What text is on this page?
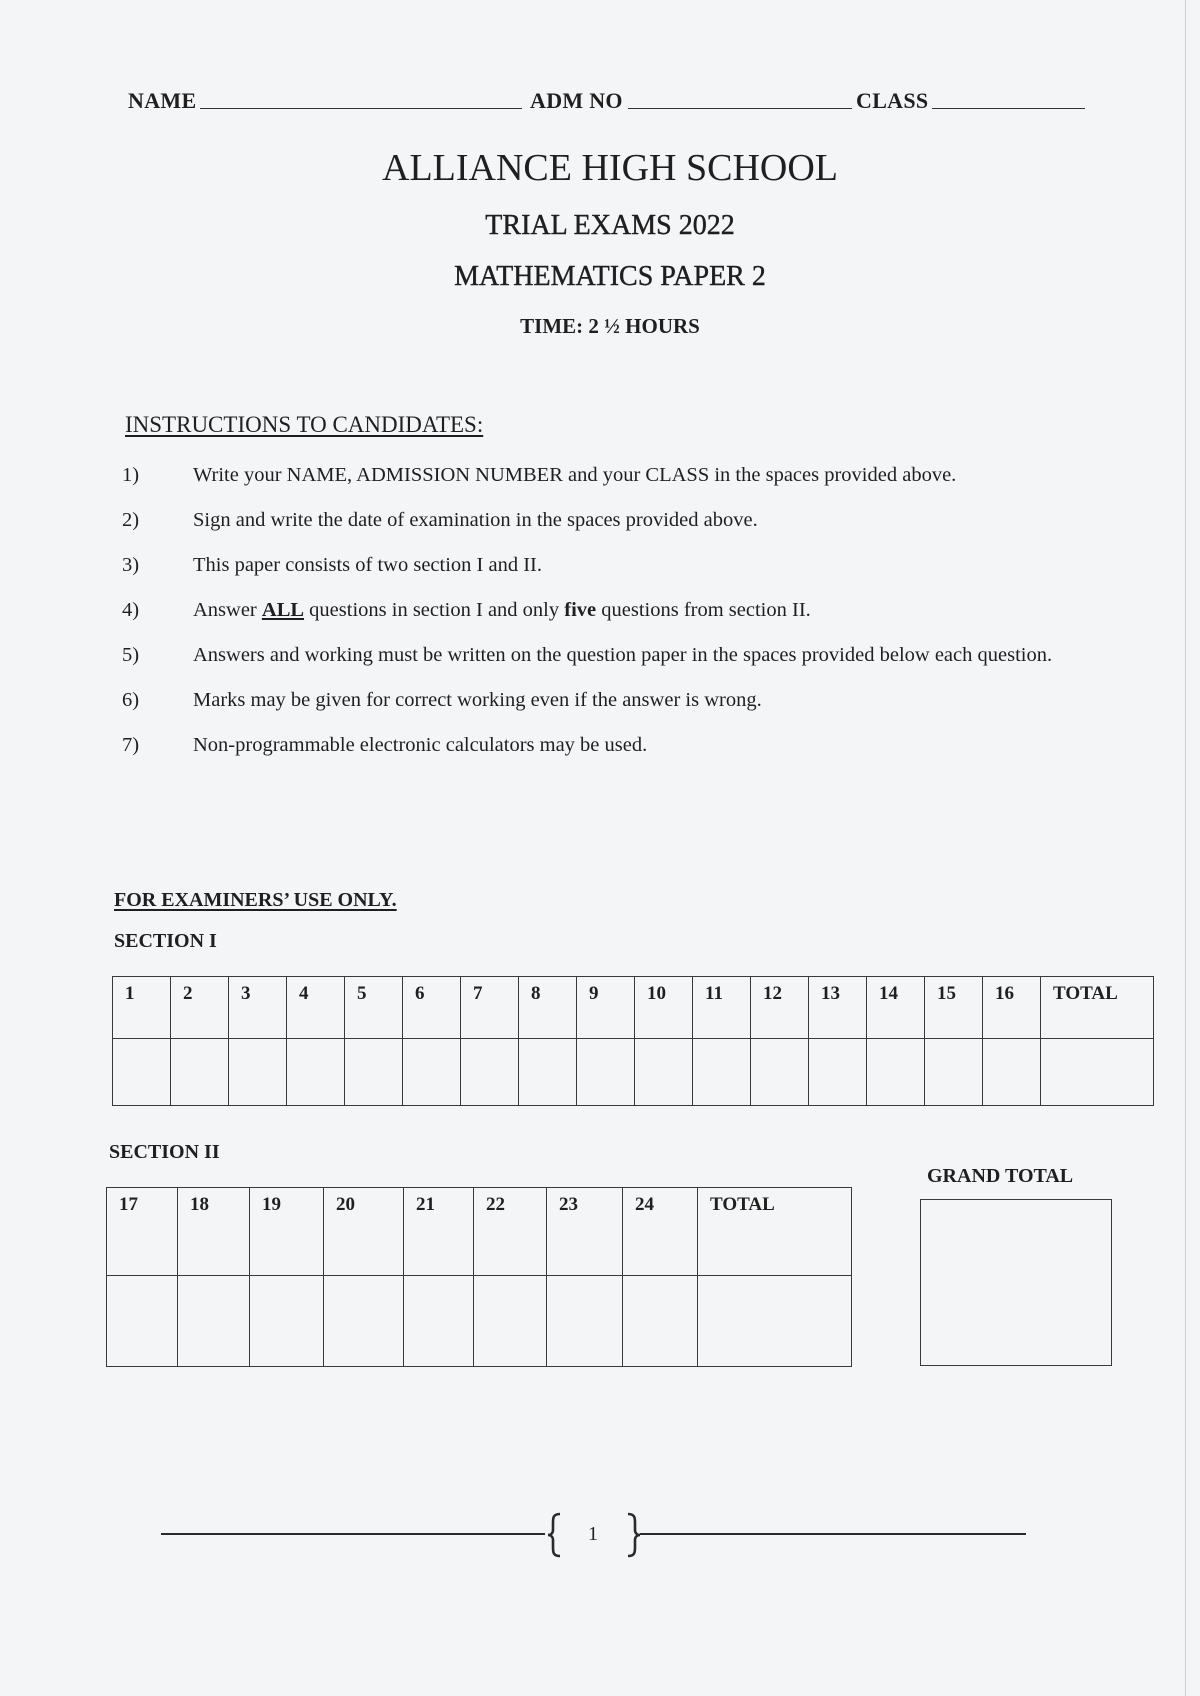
NAME	ADM NO	CLASS
ALLIANCE HIGH SCHOOL
TRIAL EXAMS 2022
MATHEMATICS PAPER 2
TIME: 2 ½ HOURS
INSTRUCTIONS TO CANDIDATES:
1)	Write your NAME, ADMISSION NUMBER and your CLASS in the spaces provided above.
2)	Sign and write the date of examination in the spaces provided above.
3)	This paper consists of two section I and II.
4)	Answer ALL questions in section I and only five questions from section II.
5)	Answers and working must be written on the question paper in the spaces provided below each question.
6)	Marks may be given for correct working even if the answer is wrong.
7)	Non-programmable electronic calculators may be used.
FOR EXAMINERS’ USE ONLY.
SECTION I
1	2	3	4	5	6	7	8	9	10	11	12	13	14	15	16	TOTAL

SECTION II
GRAND TOTAL
17	18	19	20	21	22	23	24	TOTAL

1
